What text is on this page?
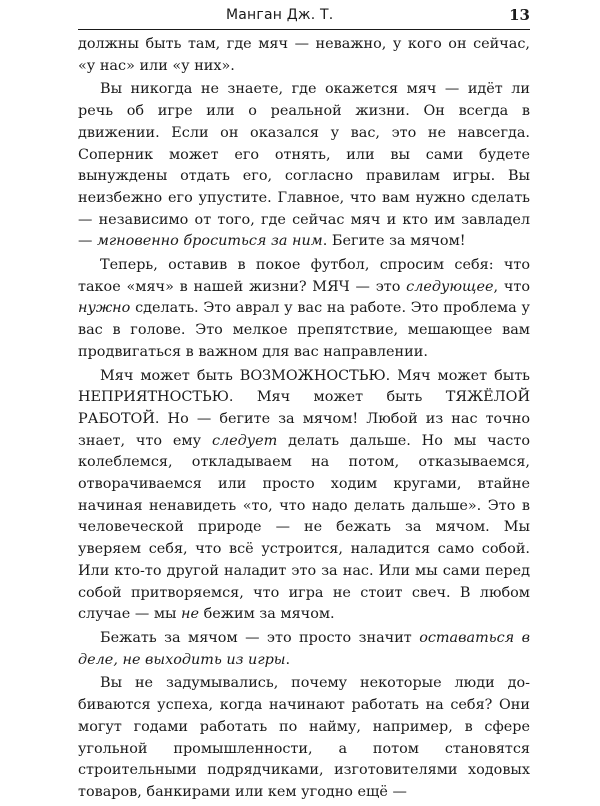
Манган Дж. Т.	13

должны быть там, где мяч — неважно, у кого он сейчас, «у нас» или «у них».

Вы никогда не знаете, где окажется мяч — идёт ли речь об игре или о реальной жизни. Он всегда в движении. Если он оказался у вас, это не навсегда. Соперник может его отнять, или вы сами будете вынуждены отдать его, согласно правилам игры. Вы неизбежно его упустите. Главное, что вам нужно сделать — независимо от того, где сейчас мяч и кто им завладел — мгновенно броситься за ним. Бегите за мячом!

Теперь, оставив в покое футбол, спросим себя: что такое «мяч» в нашей жизни? МЯЧ — это следующее, что нужно сделать. Это аврал у вас на работе. Это проблема у вас в голове. Это мелкое препятствие, мешающее вам продвигаться в важном для вас направлении.

Мяч может быть ВОЗМОЖНОСТЬЮ. Мяч может быть НЕПРИЯТНОСТЬЮ. Мяч может быть ТЯЖЁЛОЙ РАБОТОЙ. Но — бегите за мячом! Любой из нас точно знает, что ему следует делать дальше. Но мы часто колеблемся, откладываем на потом, отказываемся, отворачиваемся или просто ходим кругами, втайне начиная ненавидеть «то, что надо делать дальше». Это в человеческой природе — не бежать за мячом. Мы уверяем себя, что всё устроится, наладится само собой. Или кто-то другой наладит это за нас. Или мы сами перед собой притворяемся, что игра не стоит свеч. В любом случае — мы не бежим за мячом.

Бежать за мячом — это просто значит оставаться в деле, не выходить из игры.

Вы не задумывались, почему некоторые люди добиваются успеха, когда начинают работать на себя? Они могут годами работать по найму, например, в сфере угольной промышленности, а потом становятся строительными подрядчиками, изготовителями ходовых товаров, банкирами или кем угодно ещё —
